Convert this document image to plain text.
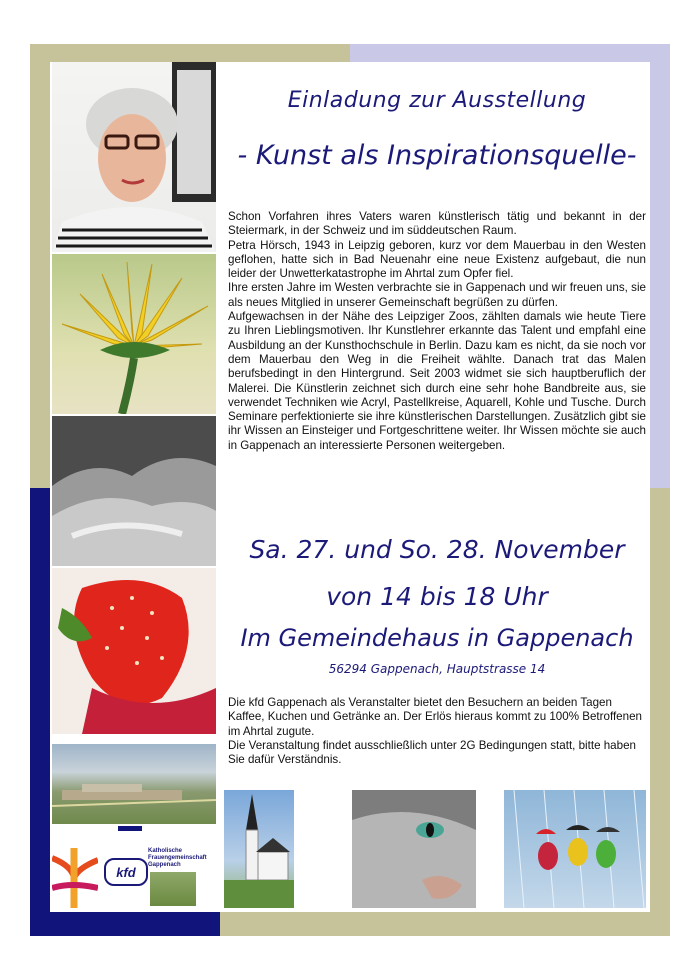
kfd
Katholische
Frauengemeinschaft
Gappenach
Einladung zur Ausstellung
- Kunst als Inspirationsquelle-

Schon Vorfahren ihres Vaters waren künstlerisch tätig und bekannt in der Steiermark, in der Schweiz und im süddeutschen Raum.

Petra Hörsch, 1943 in Leipzig geboren, kurz vor dem Mauerbau in den Westen geflohen, hatte sich in Bad Neuenahr eine neue Existenz aufgebaut, die nun leider der Unwetterkatastrophe im Ahrtal zum Opfer fiel.

Ihre ersten Jahre im Westen verbrachte sie in Gappenach und wir freuen uns, sie als neues Mitglied in unserer Gemeinschaft begrüßen zu dürfen.

Aufgewachsen in der Nähe des Leipziger Zoos, zählten damals wie heute Tiere zu Ihren Lieblingsmotiven. Ihr Kunstlehrer erkannte das Talent und empfahl eine Ausbildung an der Kunsthochschule in Berlin. Dazu kam es nicht, da sie noch vor dem Mauerbau den Weg in die Freiheit wählte. Danach trat das Malen berufsbedingt in den Hintergrund. Seit 2003 widmet sie sich hauptberuflich der Malerei. Die Künstlerin zeichnet sich durch eine sehr hohe Bandbreite aus, sie verwendet Techniken wie Acryl, Pastellkreise, Aquarell, Kohle und Tusche. Durch Seminare perfektionierte sie ihre künstlerischen Darstellungen. Zusätzlich gibt sie ihr Wissen an Einsteiger und Fortgeschrittene weiter. Ihr Wissen möchte sie auch in Gappenach an interessierte Personen weitergeben.

Sa. 27. und So. 28. November
von 14 bis 18 Uhr
Im Gemeindehaus in Gappenach
56294 Gappenach, Hauptstrasse 14

Die kfd Gappenach als Veranstalter bietet den Besuchern an beiden Tagen Kaffee, Kuchen und Getränke an. Der Erlös hieraus kommt zu 100% Betroffenen im Ahrtal zugute.

Die Veranstaltung findet ausschließlich unter 2G Bedingungen statt, bitte haben Sie dafür Verständnis.
